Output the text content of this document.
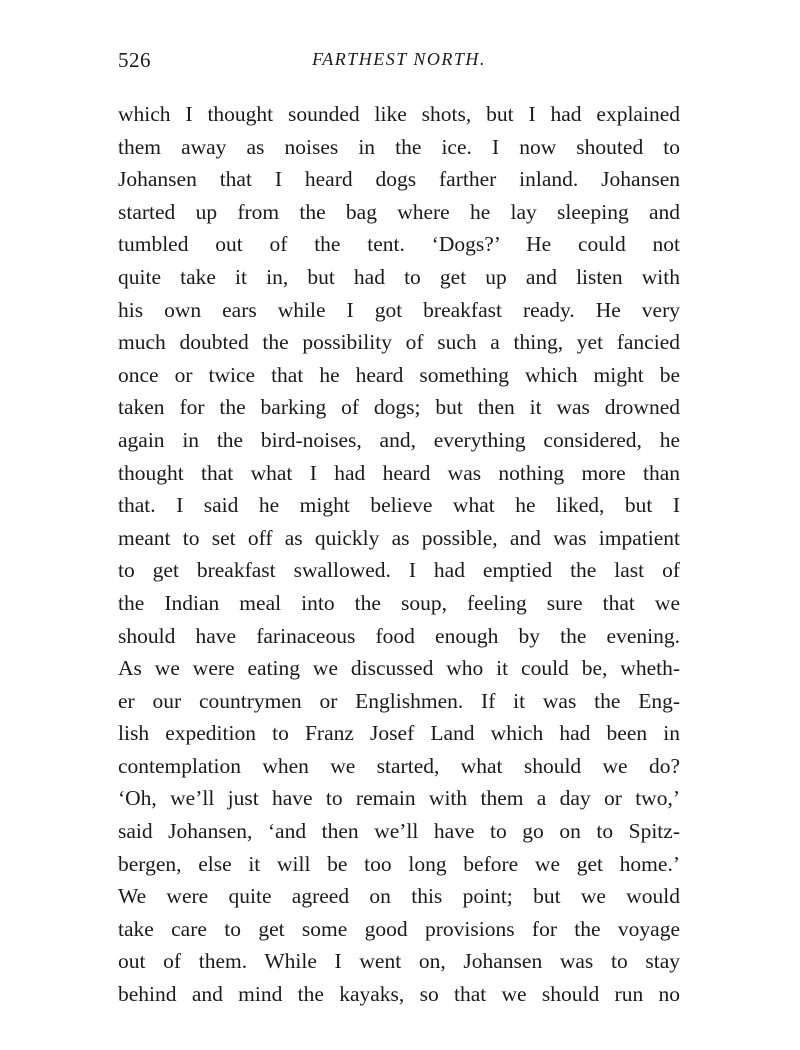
526	FARTHEST NORTH.
which I thought sounded like shots, but I had explained
them away as noises in the ice. I now shouted to
Johansen that I heard dogs farther inland. Johansen
started up from the bag where he lay sleeping and
tumbled out of the tent. ‘Dogs?’ He could not
quite take it in, but had to get up and listen with
his own ears while I got breakfast ready. He very
much doubted the possibility of such a thing, yet fancied
once or twice that he heard something which might be
taken for the barking of dogs; but then it was drowned
again in the bird-noises, and, everything considered, he
thought that what I had heard was nothing more than
that. I said he might believe what he liked, but I
meant to set off as quickly as possible, and was impatient
to get breakfast swallowed. I had emptied the last of
the Indian meal into the soup, feeling sure that we
should have farinaceous food enough by the evening.
As we were eating we discussed who it could be, wheth-
er our countrymen or Englishmen. If it was the Eng-
lish expedition to Franz Josef Land which had been in
contemplation when we started, what should we do?
‘Oh, we’ll just have to remain with them a day or two,’
said Johansen, ‘and then we’ll have to go on to Spitz-
bergen, else it will be too long before we get home.’
We were quite agreed on this point; but we would
take care to get some good provisions for the voyage
out of them. While I went on, Johansen was to stay
behind and mind the kayaks, so that we should run no
